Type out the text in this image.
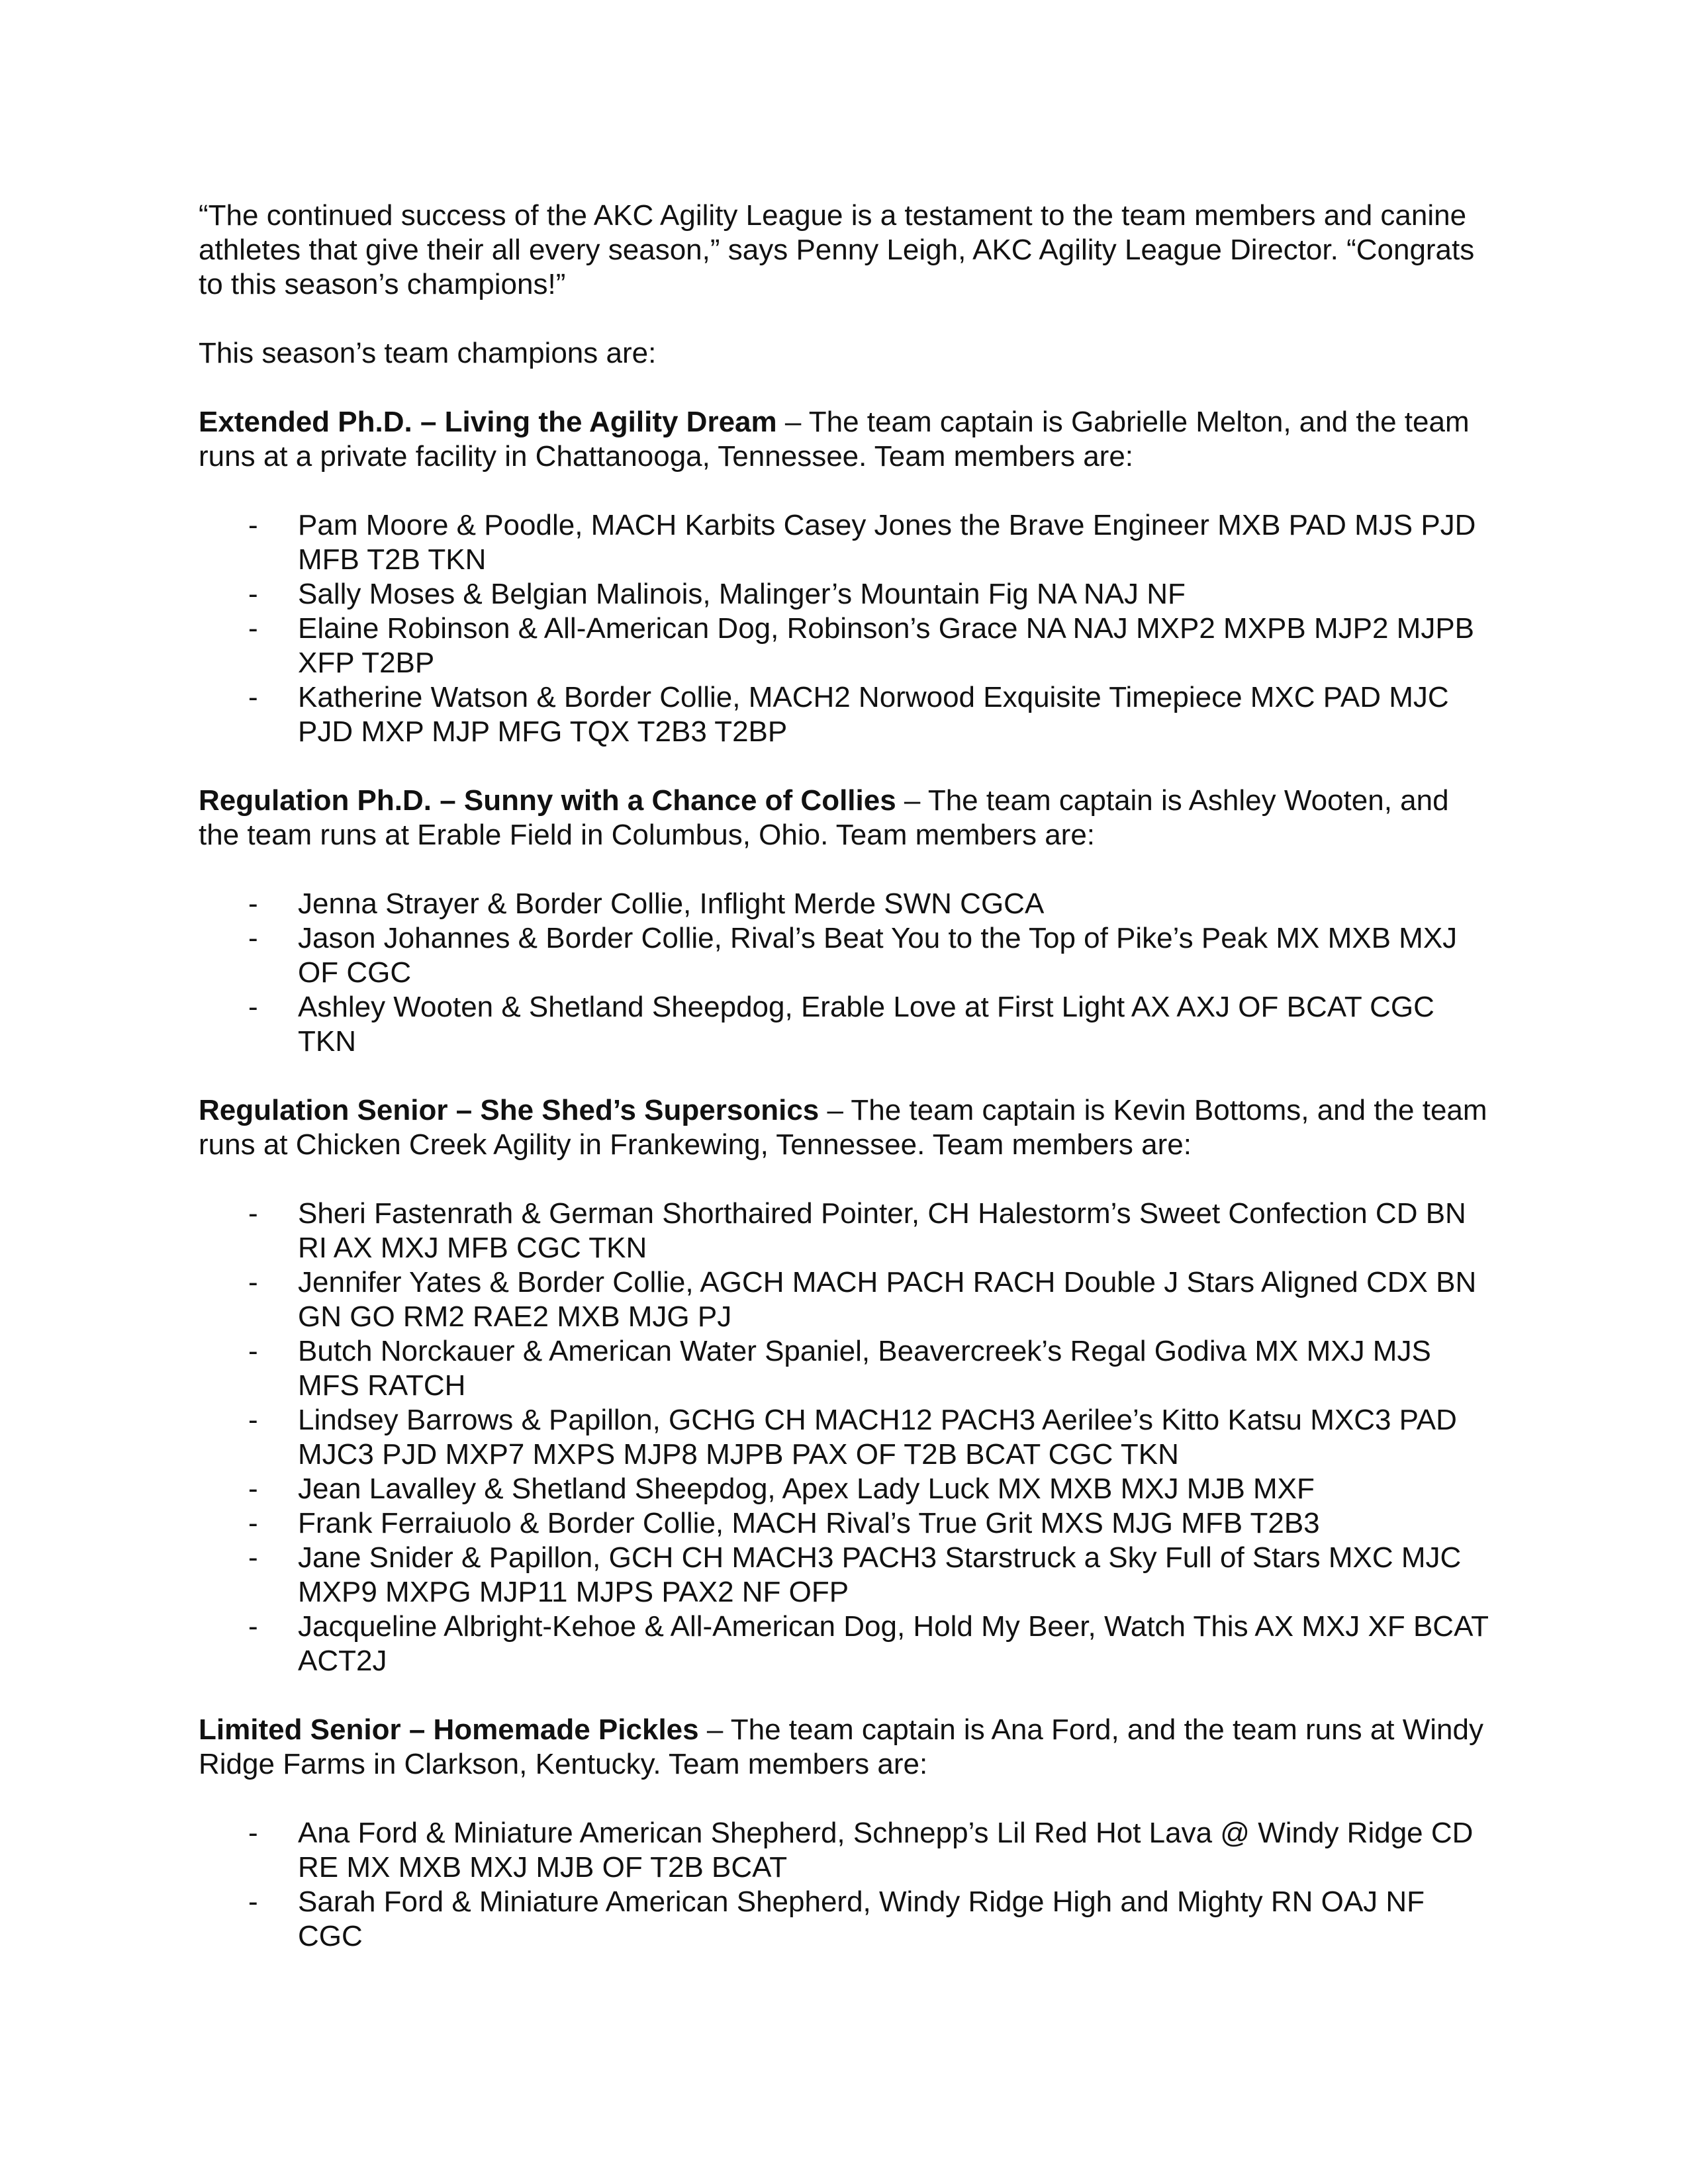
“The continued success of the AKC Agility League is a testament to the team members and canine athletes that give their all every season,” says Penny Leigh, AKC Agility League Director. “Congrats to this season’s champions!”

This season’s team champions are:

Extended Ph.D. – Living the Agility Dream – The team captain is Gabrielle Melton, and the team runs at a private facility in Chattanooga, Tennessee. Team members are:

- Pam Moore & Poodle, MACH Karbits Casey Jones the Brave Engineer MXB PAD MJS PJD MFB T2B TKN
- Sally Moses & Belgian Malinois, Malinger’s Mountain Fig NA NAJ NF
- Elaine Robinson & All-American Dog, Robinson’s Grace NA NAJ MXP2 MXPB MJP2 MJPB XFP T2BP
- Katherine Watson & Border Collie, MACH2 Norwood Exquisite Timepiece MXC PAD MJC PJD MXP MJP MFG TQX T2B3 T2BP

Regulation Ph.D. – Sunny with a Chance of Collies – The team captain is Ashley Wooten, and the team runs at Erable Field in Columbus, Ohio. Team members are:

- Jenna Strayer & Border Collie, Inflight Merde SWN CGCA
- Jason Johannes & Border Collie, Rival’s Beat You to the Top of Pike’s Peak MX MXB MXJ OF CGC
- Ashley Wooten & Shetland Sheepdog, Erable Love at First Light AX AXJ OF BCAT CGC TKN

Regulation Senior – She Shed’s Supersonics – The team captain is Kevin Bottoms, and the team runs at Chicken Creek Agility in Frankewing, Tennessee. Team members are:

- Sheri Fastenrath & German Shorthaired Pointer, CH Halestorm’s Sweet Confection CD BN RI AX MXJ MFB CGC TKN
- Jennifer Yates & Border Collie, AGCH MACH PACH RACH Double J Stars Aligned CDX BN GN GO RM2 RAE2 MXB MJG PJ
- Butch Norckauer & American Water Spaniel, Beavercreek’s Regal Godiva MX MXJ MJS MFS RATCH
- Lindsey Barrows & Papillon, GCHG CH MACH12 PACH3 Aerilee’s Kitto Katsu MXC3 PAD MJC3 PJD MXP7 MXPS MJP8 MJPB PAX OF T2B BCAT CGC TKN
- Jean Lavalley & Shetland Sheepdog, Apex Lady Luck MX MXB MXJ MJB MXF
- Frank Ferraiuolo & Border Collie, MACH Rival’s True Grit MXS MJG MFB T2B3
- Jane Snider & Papillon, GCH CH MACH3 PACH3 Starstruck a Sky Full of Stars MXC MJC MXP9 MXPG MJP11 MJPS PAX2 NF OFP
- Jacqueline Albright-Kehoe & All-American Dog, Hold My Beer, Watch This AX MXJ XF BCAT ACT2J

Limited Senior – Homemade Pickles – The team captain is Ana Ford, and the team runs at Windy Ridge Farms in Clarkson, Kentucky. Team members are:

- Ana Ford & Miniature American Shepherd, Schnepp’s Lil Red Hot Lava @ Windy Ridge CD RE MX MXB MXJ MJB OF T2B BCAT
- Sarah Ford & Miniature American Shepherd, Windy Ridge High and Mighty RN OAJ NF CGC
